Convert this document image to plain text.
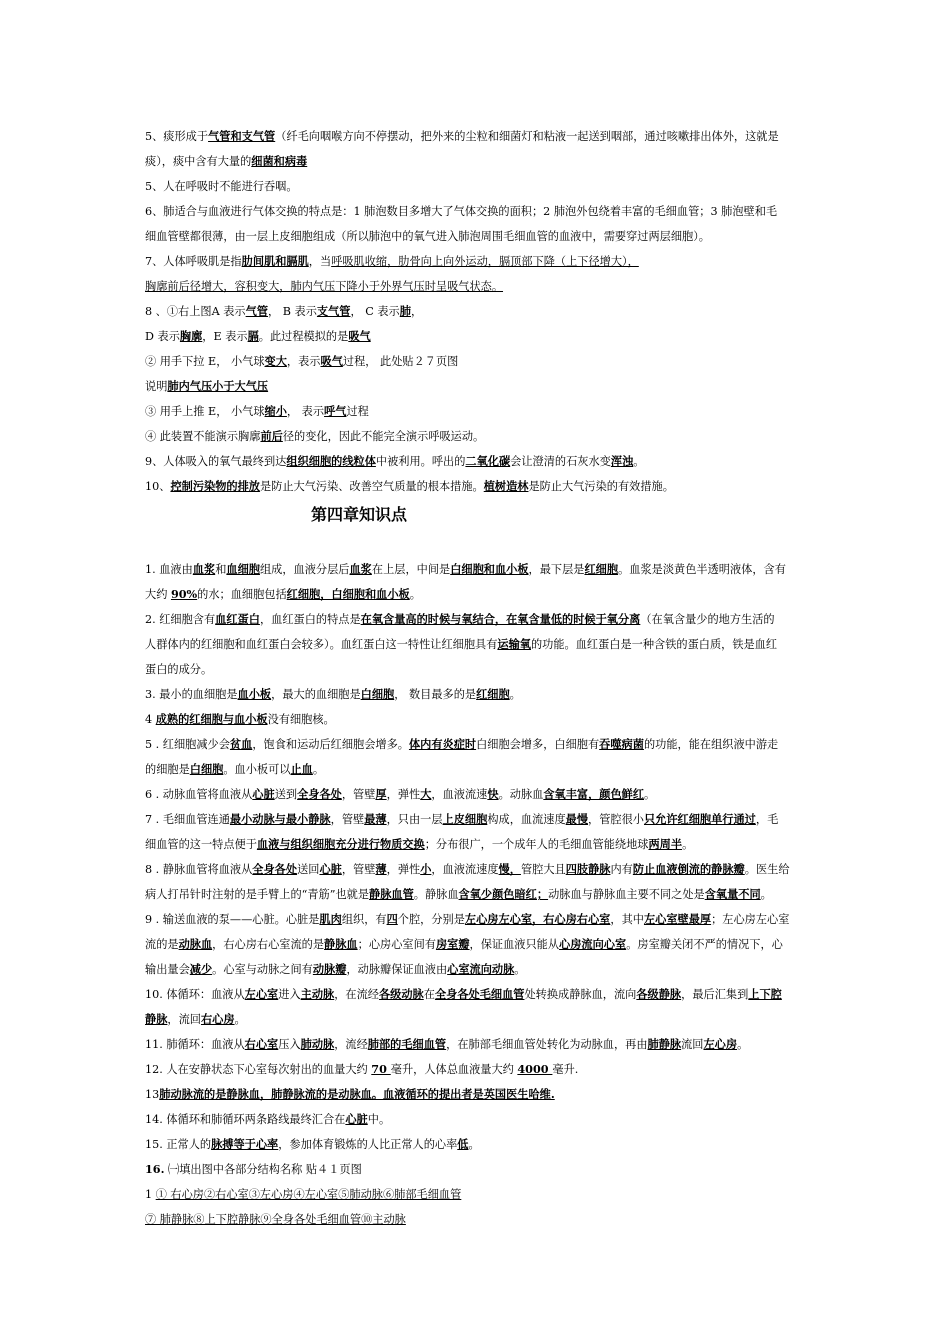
5、痰形成于气管和支气管（纤毛向咽喉方向不停摆动，把外来的尘粒和细菌灯和粘液一起送到咽部，通过咳嗽排出体外，这就是
痰），痰中含有大量的细菌和病毒
5、人在呼吸时不能进行吞咽。
6、肺适合与血液进行气体交换的特点是：1 肺泡数目多增大了气体交换的面积；2 肺泡外包绕着丰富的毛细血管；3 肺泡壁和毛
细血管壁都很薄，由一层上皮细胞组成（所以肺泡中的氧气进入肺泡周围毛细血管的血液中，需要穿过两层细胞）。
7、人体呼吸肌是指肋间肌和膈肌，当呼吸肌收缩，肋骨向上向外运动，膈顶部下降（上下径增大），
胸廓前后径增大，容积变大，肺内气压下降小于外界气压时呈吸气状态。
8 、①右上图A 表示气管， B 表示支气管， C 表示肺，
D 表示胸廓，E 表示膈。此过程模拟的是吸气
② 用手下拉 E， 小气球变大，表示吸气过程， 此处贴２７页图
说明肺内气压小于大气压
③ 用手上推 E， 小气球缩小， 表示呼气过程
④ 此装置不能演示胸廓前后径的变化，因此不能完全演示呼吸运动。
9、人体吸入的氧气最终到达组织细胞的线粒体中被利用。呼出的二氧化碳会让澄清的石灰水变浑浊。
10、控制污染物的排放是防止大气污染、改善空气质量的根本措施。植树造林是防止大气污染的有效措施。
第四章知识点
1. 血液由血浆和血细胞组成，血液分层后血浆在上层，中间是白细胞和血小板，最下层是红细胞。血浆是淡黄色半透明液体，含有
大约 90%的水；血细胞包括红细胞，白细胞和血小板。
2. 红细胞含有血红蛋白，血红蛋白的特点是在氧含量高的时候与氧结合，在氧含量低的时候于氧分离（在氧含量少的地方生活的
人群体内的红细胞和血红蛋白会较多）。血红蛋白这一特性让红细胞具有运输氧的功能。血红蛋白是一种含铁的蛋白质，铁是血红
蛋白的成分。
3. 最小的血细胞是血小板，最大的血细胞是白细胞， 数目最多的是红细胞。
4 成熟的红细胞与血小板没有细胞核。
5 . 红细胞减少会贫血，饱食和运动后红细胞会增多。体内有炎症时白细胞会增多，白细胞有吞噬病菌的功能，能在组织液中游走
的细胞是白细胞。血小板可以止血。
6 . 动脉血管将血液从心脏送到全身各处，管壁厚，弹性大，血液流速快。动脉血含氧丰富，颜色鲜红。
7 . 毛细血管连通最小动脉与最小静脉，管壁最薄，只由一层上皮细胞构成，血流速度最慢，管腔很小只允许红细胞单行通过，毛
细血管的这一特点便于血液与组织细胞充分进行物质交换；分布很广，一个成年人的毛细血管能绕地球两周半。
8 . 静脉血管将血液从全身各处送回心脏，管壁薄，弹性小，血液流速度慢，管腔大且四肢静脉内有防止血液倒流的静脉瓣。医生给
病人打吊针时注射的是手臂上的“青筋”也就是静脉血管。静脉血含氧少颜色暗红；动脉血与静脉血主要不同之处是含氧量不同。
9 . 输送血液的泵——心脏。心脏是肌肉组织，有四个腔，分别是左心房左心室，右心房右心室，其中左心室壁最厚；左心房左心室
流的是动脉血，右心房右心室流的是静脉血；心房心室间有房室瓣，保证血液只能从心房流向心室。房室瓣关闭不严的情况下，心
输出量会减少。心室与动脉之间有动脉瓣，动脉瓣保证血液由心室流向动脉。
10. 体循环：血液从左心室进入主动脉，在流经各级动脉在全身各处毛细血管处转换成静脉血，流向各级静脉，最后汇集到上下腔
静脉，流回右心房。
11. 肺循环：血液从右心室压入肺动脉，流经肺部的毛细血管，在肺部毛细血管处转化为动脉血，再由肺静脉流回左心房。
12. 人在安静状态下心室每次射出的血量大约 70 毫升，人体总血液量大约 4000 毫升.
13肺动脉流的是静脉血，肺静脉流的是动脉血。血液循环的提出者是英国医生哈维.
14. 体循环和肺循环两条路线最终汇合在心脏中。
15. 正常人的脉搏等于心率，参加体育锻炼的人比正常人的心率低。
16. ㈠填出图中各部分结构名称 贴４１页图
1 ① 右心房②右心室③左心房④左心室⑤肺动脉⑥肺部毛细血管
⑦ 肺静脉⑧上下腔静脉⑨全身各处毛细血管⑩主动脉
